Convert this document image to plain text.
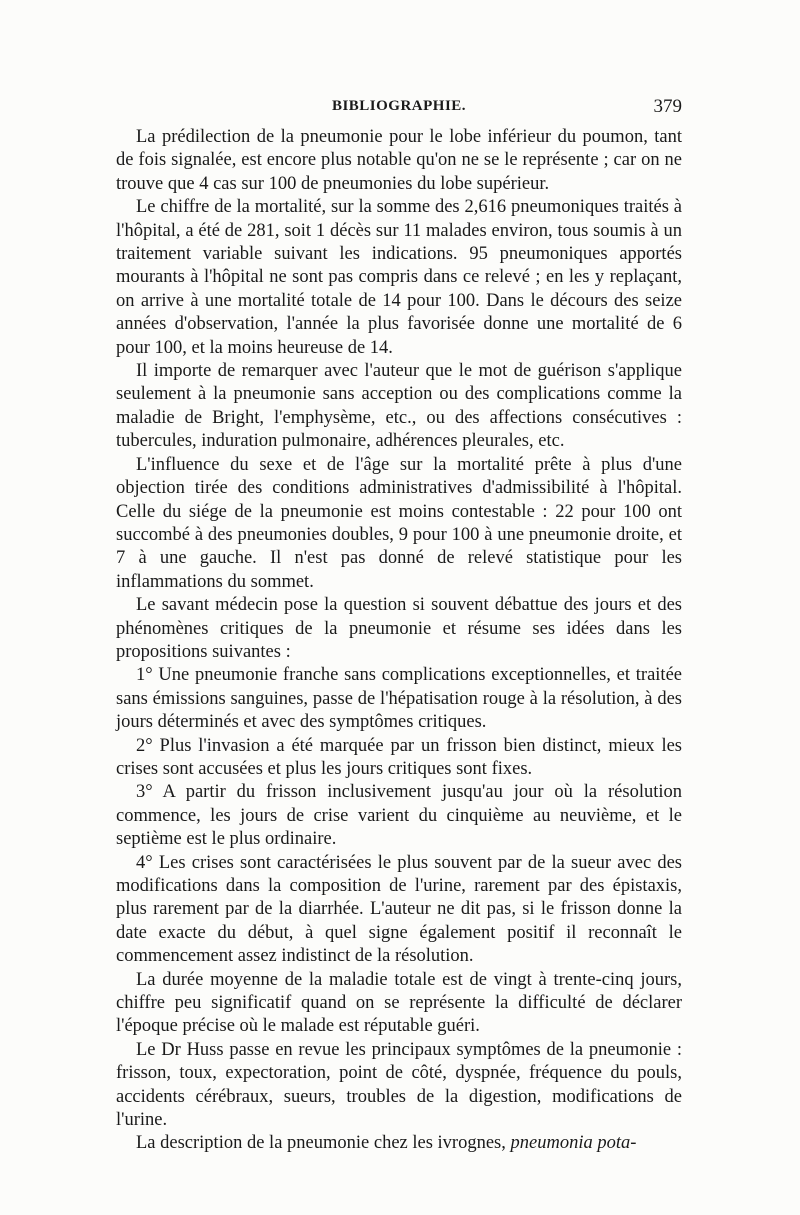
BIBLIOGRAPHIE.	379

La prédilection de la pneumonie pour le lobe inférieur du poumon, tant de fois signalée, est encore plus notable qu'on ne se le représente ; car on ne trouve que 4 cas sur 100 de pneumonies du lobe supérieur.

Le chiffre de la mortalité, sur la somme des 2,616 pneumoniques traités à l'hôpital, a été de 281, soit 1 décès sur 11 malades environ, tous soumis à un traitement variable suivant les indications. 95 pneumoniques apportés mourants à l'hôpital ne sont pas compris dans ce relevé ; en les y replaçant, on arrive à une mortalité totale de 14 pour 100. Dans le décours des seize années d'observation, l'année la plus favorisée donne une mortalité de 6 pour 100, et la moins heureuse de 14.

Il importe de remarquer avec l'auteur que le mot de guérison s'applique seulement à la pneumonie sans acception ou des complications comme la maladie de Bright, l'emphysème, etc., ou des affections consécutives : tubercules, induration pulmonaire, adhérences pleurales, etc.

L'influence du sexe et de l'âge sur la mortalité prête à plus d'une objection tirée des conditions administratives d'admissibilité à l'hôpital. Celle du siége de la pneumonie est moins contestable : 22 pour 100 ont succombé à des pneumonies doubles, 9 pour 100 à une pneumonie droite, et 7 à une gauche. Il n'est pas donné de relevé statistique pour les inflammations du sommet.

Le savant médecin pose la question si souvent débattue des jours et des phénomènes critiques de la pneumonie et résume ses idées dans les propositions suivantes :

1° Une pneumonie franche sans complications exceptionnelles, et traitée sans émissions sanguines, passe de l'hépatisation rouge à la résolution, à des jours déterminés et avec des symptômes critiques.

2° Plus l'invasion a été marquée par un frisson bien distinct, mieux les crises sont accusées et plus les jours critiques sont fixes.

3° A partir du frisson inclusivement jusqu'au jour où la résolution commence, les jours de crise varient du cinquième au neuvième, et le septième est le plus ordinaire.

4° Les crises sont caractérisées le plus souvent par de la sueur avec des modifications dans la composition de l'urine, rarement par des épistaxis, plus rarement par de la diarrhée. L'auteur ne dit pas, si le frisson donne la date exacte du début, à quel signe également positif il reconnaît le commencement assez indistinct de la résolution.

La durée moyenne de la maladie totale est de vingt à trente-cinq jours, chiffre peu significatif quand on se représente la difficulté de déclarer l'époque précise où le malade est réputable guéri.

Le Dr Huss passe en revue les principaux symptômes de la pneumonie : frisson, toux, expectoration, point de côté, dyspnée, fréquence du pouls, accidents cérébraux, sueurs, troubles de la digestion, modifications de l'urine.

La description de la pneumonie chez les ivrognes, pneumonia pota-
